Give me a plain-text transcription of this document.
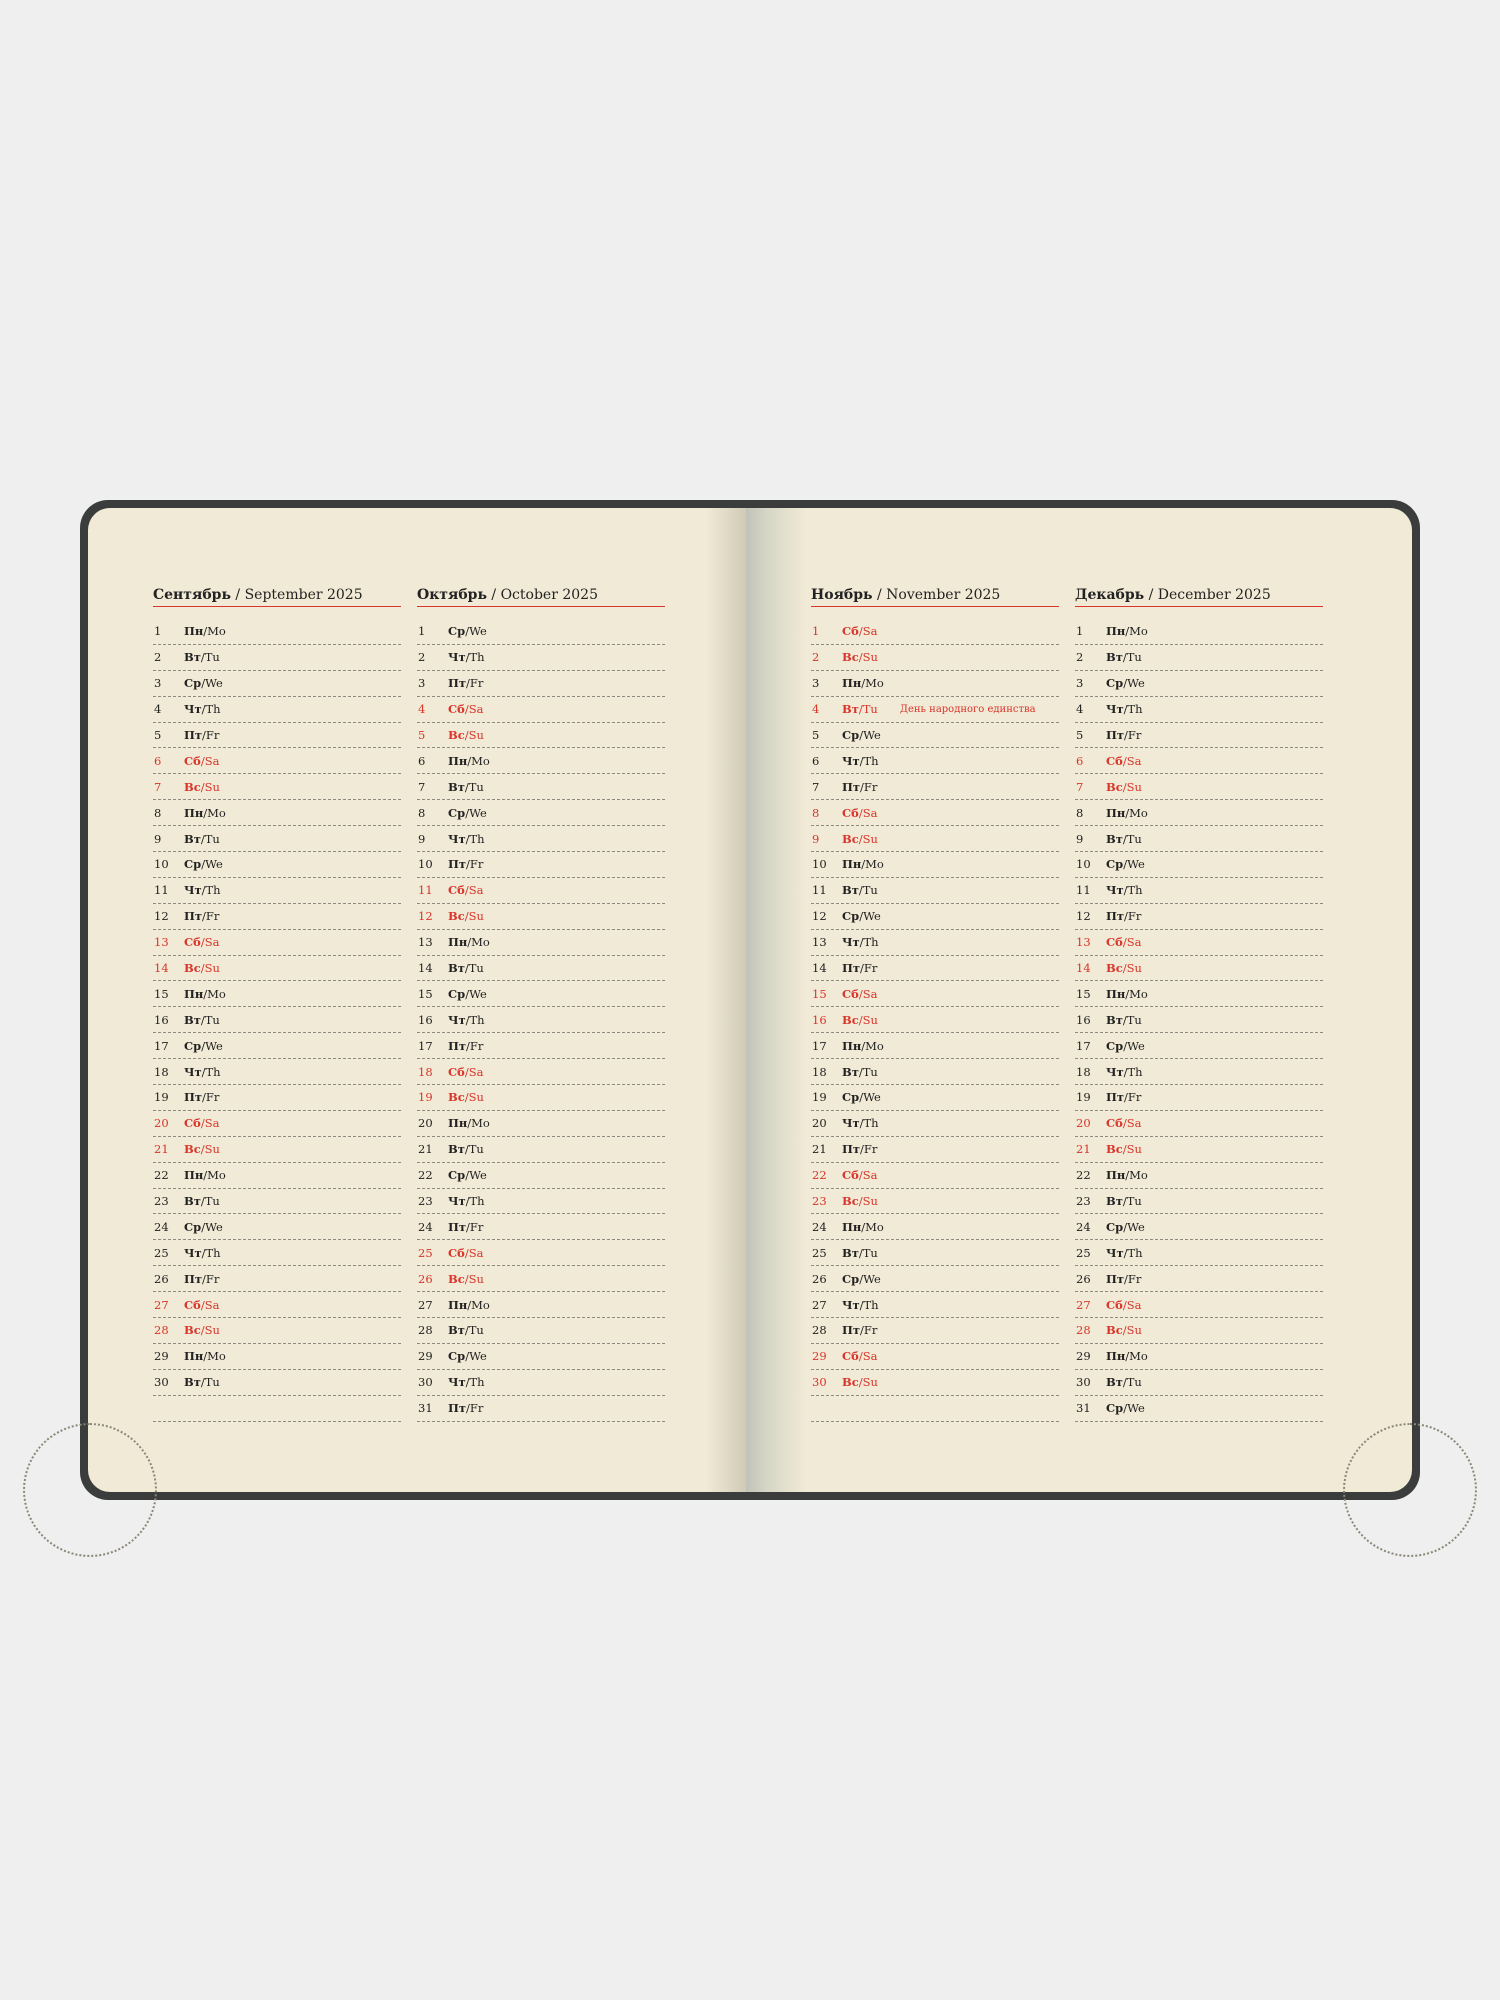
Сентябрь / September 2025
1	Пн / Mo
2	Вт / Tu
3	Ср / We
4	Чт / Th
5	Пт / Fr
6	Сб / Sa
7	Вс / Su
8	Пн / Mo
9	Вт / Tu
10	Ср / We
11	Чт / Th
12	Пт / Fr
13	Сб / Sa
14	Вс / Su
15	Пн / Mo
16	Вт / Tu
17	Ср / We
18	Чт / Th
19	Пт / Fr
20	Сб / Sa
21	Вс / Su
22	Пн / Mo
23	Вт / Tu
24	Ср / We
25	Чт / Th
26	Пт / Fr
27	Сб / Sa
28	Вс / Su
29	Пн / Mo
30	Вт / Tu
Октябрь / October 2025
1	Ср / We
2	Чт / Th
3	Пт / Fr
4	Сб / Sa
5	Вс / Su
6	Пн / Mo
7	Вт / Tu
8	Ср / We
9	Чт / Th
10	Пт / Fr
11	Сб / Sa
12	Вс / Su
13	Пн / Mo
14	Вт / Tu
15	Ср / We
16	Чт / Th
17	Пт / Fr
18	Сб / Sa
19	Вс / Su
20	Пн / Mo
21	Вт / Tu
22	Ср / We
23	Чт / Th
24	Пт / Fr
25	Сб / Sa
26	Вс / Su
27	Пн / Mo
28	Вт / Tu
29	Ср / We
30	Чт / Th
31	Пт / Fr
Ноябрь / November 2025
1	Сб / Sa
2	Вс / Su
3	Пн / Mo
4	Вт / Tu День народного единства
5	Ср / We
6	Чт / Th
7	Пт / Fr
8	Сб / Sa
9	Вс / Su
10	Пн / Mo
11	Вт / Tu
12	Ср / We
13	Чт / Th
14	Пт / Fr
15	Сб / Sa
16	Вс / Su
17	Пн / Mo
18	Вт / Tu
19	Ср / We
20	Чт / Th
21	Пт / Fr
22	Сб / Sa
23	Вс / Su
24	Пн / Mo
25	Вт / Tu
26	Ср / We
27	Чт / Th
28	Пт / Fr
29	Сб / Sa
30	Вс / Su
Декабрь / December 2025
1	Пн / Mo
2	Вт / Tu
3	Ср / We
4	Чт / Th
5	Пт / Fr
6	Сб / Sa
7	Вс / Su
8	Пн / Mo
9	Вт / Tu
10	Ср / We
11	Чт / Th
12	Пт / Fr
13	Сб / Sa
14	Вс / Su
15	Пн / Mo
16	Вт / Tu
17	Ср / We
18	Чт / Th
19	Пт / Fr
20	Сб / Sa
21	Вс / Su
22	Пн / Mo
23	Вт / Tu
24	Ср / We
25	Чт / Th
26	Пт / Fr
27	Сб / Sa
28	Вс / Su
29	Пн / Mo
30	Вт / Tu
31	Ср / We
